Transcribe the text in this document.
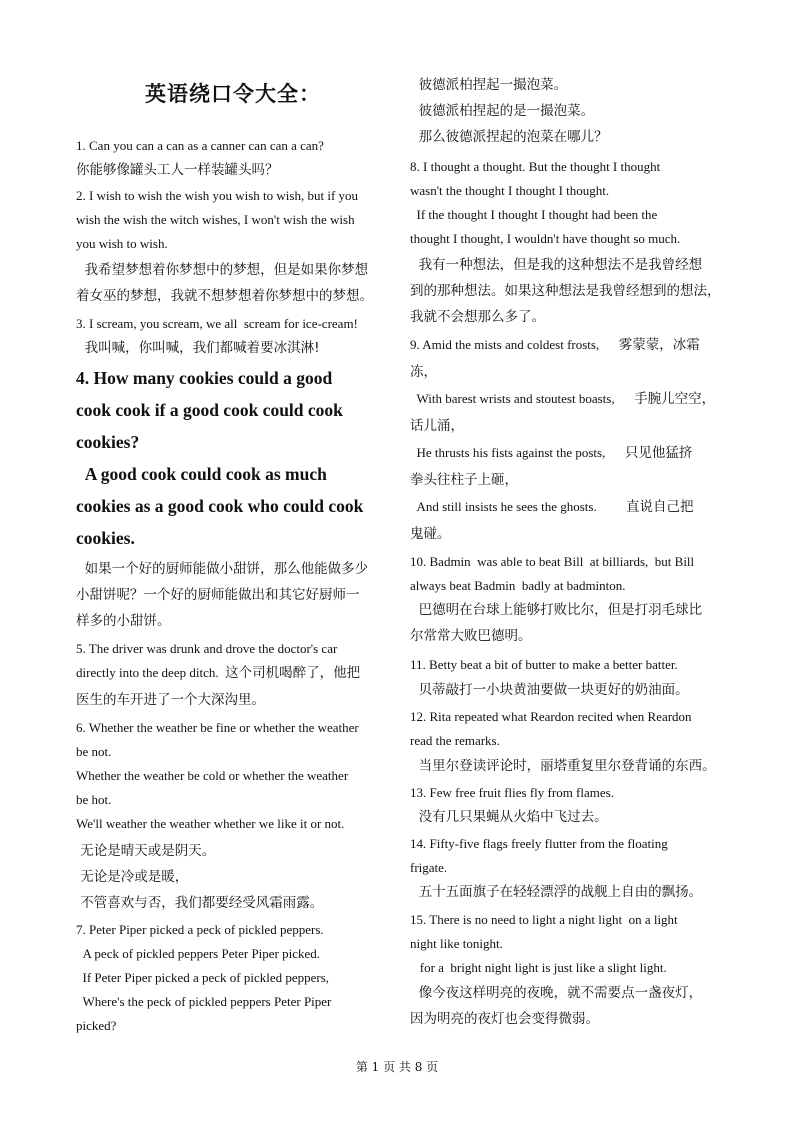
英语绕口令大全：
1. Can you can a can as a canner can can a can?
你能够像罐头工人一样装罐头吗？
2. I wish to wish the wish you wish to wish, but if you
wish the wish the witch wishes, I won't wish the wish
you wish to wish.
我希望梦想着你梦想中的梦想，但是如果你梦想
着女巫的梦想，我就不想梦想着你梦想中的梦想。
3. I scream, you scream, we all  scream for ice-cream!
我叫喊，你叫喊，我们都喊着要冰淇淋!
4. How many cookies could a good
cook cook if a good cook could cook
cookies?
A good cook could cook as much
cookies as a good cook who could cook
cookies.
如果一个好的厨师能做小甜饼，那么他能做多少
小甜饼呢？一个好的厨师能做出和其它好厨师一
样多的小甜饼。
5. The driver was drunk and drove the doctor's car
directly into the deep ditch.  这个司机喝醉了，他把
医生的车开进了一个大深沟里。
6. Whether the weather be fine or whether the weather
be not.
Whether the weather be cold or whether the weather
be hot.
We'll weather the weather whether we like it or not.
无论是晴天或是阴天。
无论是冷或是暖，
不管喜欢与否，我们都要经受风霜雨露。
7. Peter Piper picked a peck of pickled peppers.
A peck of pickled peppers Peter Piper picked.
If Peter Piper picked a peck of pickled peppers,
Where's the peck of pickled peppers Peter Piper
picked?
彼德派柏捏起一撮泡菜。
彼德派柏捏起的是一撮泡菜。
那么彼德派捏起的泡菜在哪儿？
8. I thought a thought. But the thought I thought
wasn't the thought I thought I thought.
If the thought I thought I thought had been the
thought I thought, I wouldn't have thought so much.
我有一种想法，但是我的这种想法不是我曾经想
到的那种想法。如果这种想法是我曾经想到的想法，
我就不会想那么多了。
9. Amid the mists and coldest frosts,      雾蒙蒙，冰霜
冻，
With barest wrists and stoutest boasts,      手腕儿空空，
话儿涌，
He thrusts his fists against the posts,      只见他猛挤
拳头往柱子上砸，
And still insists he sees the ghosts.         直说自己把
鬼碰。
10. Badmin  was able to beat Bill  at billiards,  but Bill
always beat Badmin  badly at badminton.
巴德明在台球上能够打败比尔，但是打羽毛球比
尔常常大败巴德明。
11. Betty beat a bit of butter to make a better batter.
贝蒂敲打一小块黄油要做一块更好的奶油面。
12. Rita repeated what Reardon recited when Reardon
read the remarks.
当里尔登读评论时，丽塔重复里尔登背诵的东西。
13. Few free fruit flies fly from flames.
没有几只果蝇从火焰中飞过去。
14. Fifty-five flags freely flutter from the floating
frigate.
五十五面旗子在轻轻漂浮的战舰上自由的飘扬。
15. There is no need to light a night light  on a light
night like tonight.
for a  bright night light is just like a slight light.
像今夜这样明亮的夜晚，就不需要点一盏夜灯，
因为明亮的夜灯也会变得微弱。
第 1 页 共 8 页
